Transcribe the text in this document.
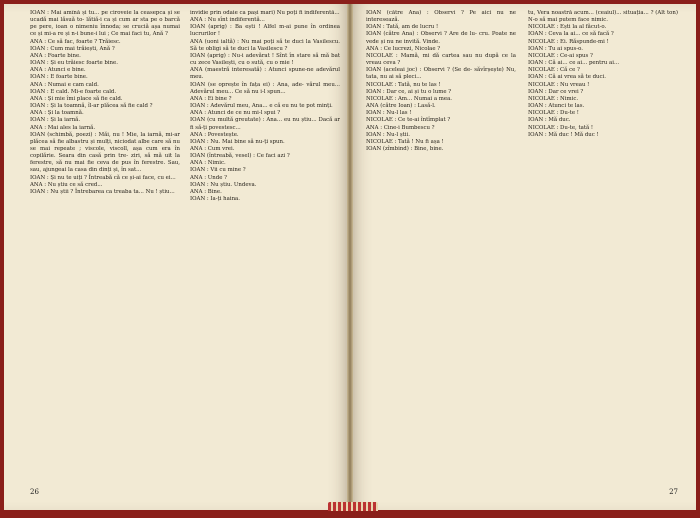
IOAN : Mai amînă și tu... pe ciroveie la ceasepca și se ucadă mai lăsuă to- lătiă-i ca și cum ar sta pe o barcă pe pere, ioan o nimeniu înnoda; se cruciă așa numai ce și mi-a re și n-i bune-i lui ; Ce mai faci tu, Ană ?

ANA : Ce să fac, foarte ? Trăiesc.

IOAN : Cum mai trăiești, Ană ?

ANA : Foarte bine.

IOAN : Și eu trăiesc foarte bine.

ANA : Atunci e bine.

IOAN : E foarte bine.

ANA : Numai e cam cald.

IOAN : E cald. Mi-e foarte cald.

ANA : Și mie îmi place să fie cald.

IOAN : Și la toamnă, îl-ar plăcea să fie cald ?

ANA : Și la toamnă.

IOAN : Și la iarnă.

ANA : Mai ales la iarnă.

IOAN (schimbă, poezi) : Măi, nu ! Mie, la iarnă, mi-ar plăcea să fie albastru și mulți, niciodat albe care să nu se mai repeate ; viscole, viscoll, așa cum era în copilărie. Seara din casă prin tre- ziri, să mă uit la ferestre, să nu mai fie ceva de pus în ferestre. Sau, sau, ajungeai la casa din dinți și, în sat...

IOAN : Și nu te uiți ? Întreabă că ce și-ai face, cu ei...

ANA : Nu știu ce să cred...

IOAN : Nu știi ? Întrebarea ca treaba ta... Nu ! știu...

invidie prin odaie ca pași mari) Nu poți fi indiferentă...

ANA : Nu sînt indiferentă...

IOAN (aprig) : Ba ești ! Alfel m-ai pune în ordinea lucrurilor !

ANA (uoni ialtă) : Nu mai poți să te duci la Vasilescu. Să te obligi să te duci la Vasilescu ?

IOAN (aprig) : Nu-i adevărat ! Sînt în stare să mă bat cu zece Vasilești, cu o sută, cu o mie !

ANA (maestră interesată) : Atunci spune-ne adevărul meu.

IOAN (se oprește în fața ei) : Ana, ade- vărul meu... Adevărul meu... Ce să nu i-l spun...

ANA : Ei bine ?

IOAN : Adevărul meu, Ana... e că eu nu te pot minți.

ANA : Atunci de ce nu mi-l spui ?

IOAN (cu multă greutate) : Ana... eu nu știu... Dacă ar fi să-ți povestesc...

ANA : Povestește.

IOAN : Nu. Mai bine să nu-ți spun.

ANA : Cum vrei.

IOAN (întreabă, vesel) : Ce faci azi ?

ANA : Nimic.

IOAN : Vii cu mine ?

ANA : Unde ?

IOAN : Nu știu. Undeva.

ANA : Bine.

IOAN : Ia-ți haina.

26

IOAN (către Ana) : Observi ? Pe aici nu ne interesează.

IOAN : Tată, am de lucru !

IOAN (către Ana) : Observi ? Are de lu- cru. Poate ne vede și nu ne invită. Vinde.

ANA : Ce lucrezi, Nicolae ?

NICOLAE : Mamă, mi dă cartea sau nu după ce la vreau ceva ?

IOAN (aceleai joc) : Observi ? (Se de- săvîrșește) Nu, tata, nu ai să pleci...

NICOLAE : Tată, nu te las !

IOAN : Dar ce, ai și tu o lume ?

NICOLAE : Am... Numai a mea.

ANA (către Ioan) : Lasă-l.

IOAN : Nu-l las !

NICOLAE : Ce te-ai întîmplat ?

ANA : Cine-i Bumbescu ?

IOAN : Nu-l știi.

NICOLAE : Tată ! Nu fi așa !

IOAN (zîmbind) : Bine, bine.

tu, Vera noastră acum... (ceaiul)... situația... ? (Alt ton) N-o să mai putem face nimic.

NICOLAE : Ești la al făcut-o.

IOAN : Ceva la ai... ce să facă ?

NICOLAE : Ei. Răspunde-mi !

IOAN : Tu ai spus-o.

NICOLAE : Ce-ai spus ?

IOAN : Că ai... ce ai... pentru ai...

NICOLAE : Că ce ?

IOAN : Că ai vrea să te duci.

NICOLAE : Nu vreau !

IOAN : Dar ce vrei ?

NICOLAE : Nimic.

IOAN : Atunci te las.

NICOLAE : Du-te !

IOAN : Mă duc.

NICOLAE : Du-te, tată !

IOAN : Mă duc ! Mă duc !

27
